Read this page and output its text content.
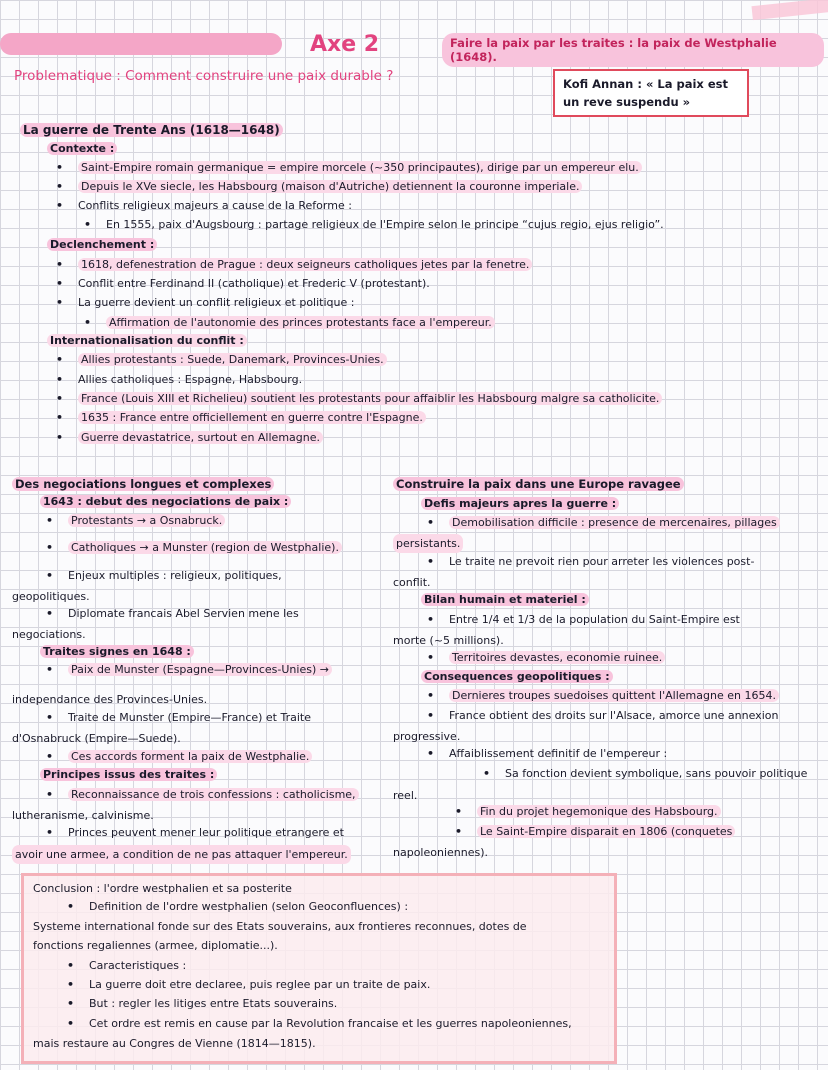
Axe 2	Faire la paix par les traites : la paix de Westphalie (1648).
Problematique : Comment construire une paix durable ?	Kofi Annan : « La paix est un reve suspendu »
La guerre de Trente Ans (1618—1648)
Contexte :
• Saint-Empire romain germanique = empire morcele (~350 principautes), dirige par un empereur elu.
• Depuis le XVe siecle, les Habsbourg (maison d'Autriche) detiennent la couronne imperiale.
• Conflits religieux majeurs a cause de la Reforme :
• En 1555, paix d'Augsbourg : partage religieux de l'Empire selon le principe “cujus regio, ejus religio”.
Declenchement :
• 1618, defenestration de Prague : deux seigneurs catholiques jetes par la fenetre.
• Conflit entre Ferdinand II (catholique) et Frederic V (protestant).
• La guerre devient un conflit religieux et politique :
• Affirmation de l'autonomie des princes protestants face a l'empereur.
Internationalisation du conflit :
• Allies protestants : Suede, Danemark, Provinces-Unies.
• Allies catholiques : Espagne, Habsbourg.
• France (Louis XIII et Richelieu) soutient les protestants pour affaiblir les Habsbourg malgre sa catholicite.
• 1635 : France entre officiellement en guerre contre l'Espagne.
• Guerre devastatrice, surtout en Allemagne.
Des negociations longues et complexes
1643 : debut des negociations de paix :
• Protestants → a Osnabruck.
• Catholiques → a Munster (region de Westphalie).
• Enjeux multiples : religieux, politiques,
geopolitiques.
• Diplomate francais Abel Servien mene les
negociations.
Traites signes en 1648 :
• Paix de Munster (Espagne—Provinces-Unies) →
independance des Provinces-Unies.
• Traite de Munster (Empire—France) et Traite
d'Osnabruck (Empire—Suede).
• Ces accords forment la paix de Westphalie.
Principes issus des traites :
• Reconnaissance de trois confessions : catholicisme,
lutheranisme, calvinisme.
• Princes peuvent mener leur politique etrangere et
avoir une armee, a condition de ne pas attaquer l'empereur.
Construire la paix dans une Europe ravagee
Defis majeurs apres la guerre :
• Demobilisation difficile : presence de mercenaires, pillages
persistants.
• Le traite ne prevoit rien pour arreter les violences post-
conflit.
Bilan humain et materiel :
• Entre 1/4 et 1/3 de la population du Saint-Empire est
morte (~5 millions).
• Territoires devastes, economie ruinee.
Consequences geopolitiques :
• Dernieres troupes suedoises quittent l'Allemagne en 1654.
• France obtient des droits sur l'Alsace, amorce une annexion
progressive.
• Affaiblissement definitif de l'empereur :
• Sa fonction devient symbolique, sans pouvoir politique
reel.
• Fin du projet hegemonique des Habsbourg.
• Le Saint-Empire disparait en 1806 (conquetes
napoleoniennes).
Conclusion : l'ordre westphalien et sa posterite
• Definition de l'ordre westphalien (selon Geoconfluences) :
Systeme international fonde sur des Etats souverains, aux frontieres reconnues, dotes de
fonctions regaliennes (armee, diplomatie...).
• Caracteristiques :
• La guerre doit etre declaree, puis reglee par un traite de paix.
• But : regler les litiges entre Etats souverains.
• Cet ordre est remis en cause par la Revolution francaise et les guerres napoleoniennes,
mais restaure au Congres de Vienne (1814—1815).
